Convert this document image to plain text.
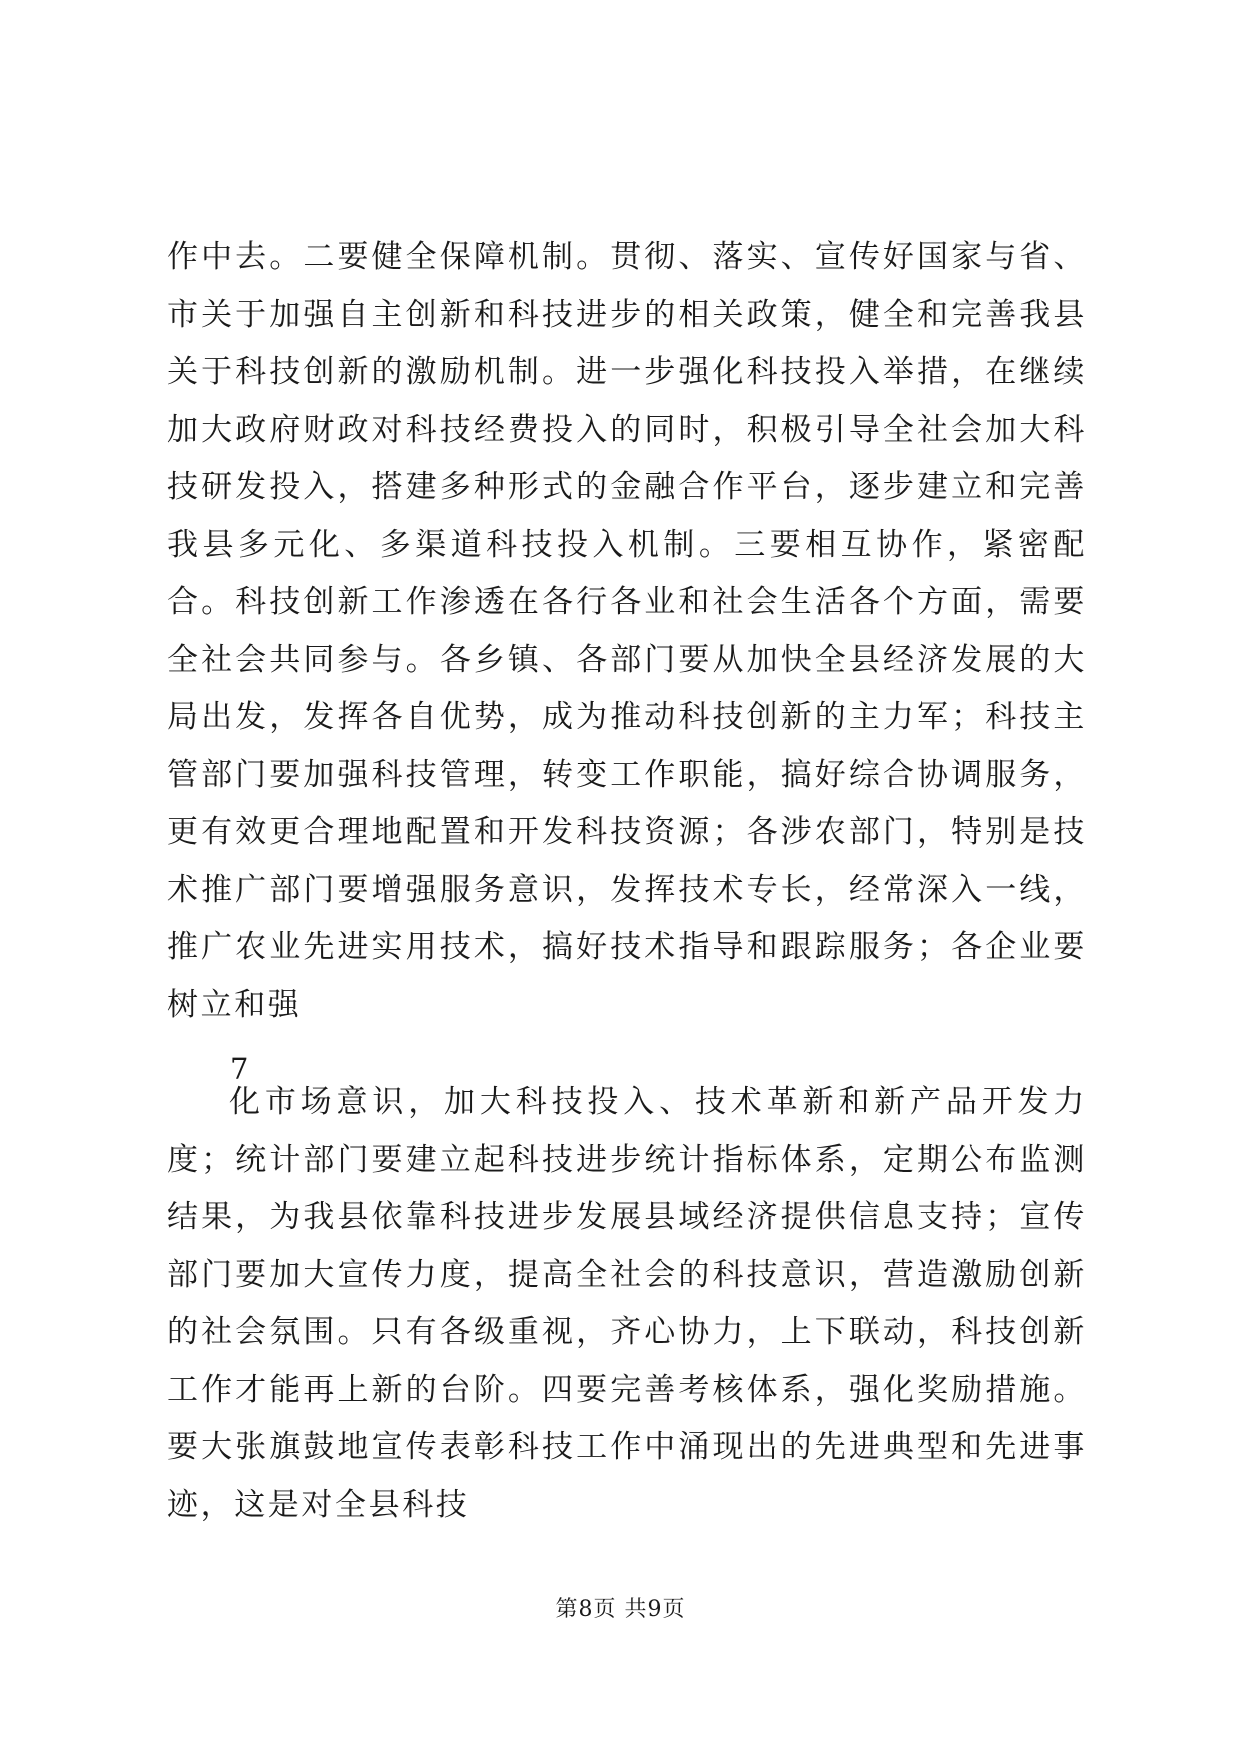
作中去。二要健全保障机制。贯彻、落实、宣传好国家与省、市关于加强自主创新和科技进步的相关政策，健全和完善我县关于科技创新的激励机制。进一步强化科技投入举措，在继续加大政府财政对科技经费投入的同时，积极引导全社会加大科技研发投入，搭建多种形式的金融合作平台，逐步建立和完善我县多元化、多渠道科技投入机制。三要相互协作，紧密配合。科技创新工作渗透在各行各业和社会生活各个方面，需要全社会共同参与。各乡镇、各部门要从加快全县经济发展的大局出发，发挥各自优势，成为推动科技创新的主力军；科技主管部门要加强科技管理，转变工作职能，搞好综合协调服务，更有效更合理地配置和开发科技资源；各涉农部门，特别是技术推广部门要增强服务意识，发挥技术专长，经常深入一线，推广农业先进实用技术，搞好技术指导和跟踪服务；各企业要树立和强
7
化市场意识，加大科技投入、技术革新和新产品开发力度；统计部门要建立起科技进步统计指标体系，定期公布监测结果，为我县依靠科技进步发展县域经济提供信息支持；宣传部门要加大宣传力度，提高全社会的科技意识，营造激励创新的社会氛围。只有各级重视，齐心协力，上下联动，科技创新工作才能再上新的台阶。四要完善考核体系，强化奖励措施。要大张旗鼓地宣传表彰科技工作中涌现出的先进典型和先进事迹，这是对全县科技
第8页 共9页
